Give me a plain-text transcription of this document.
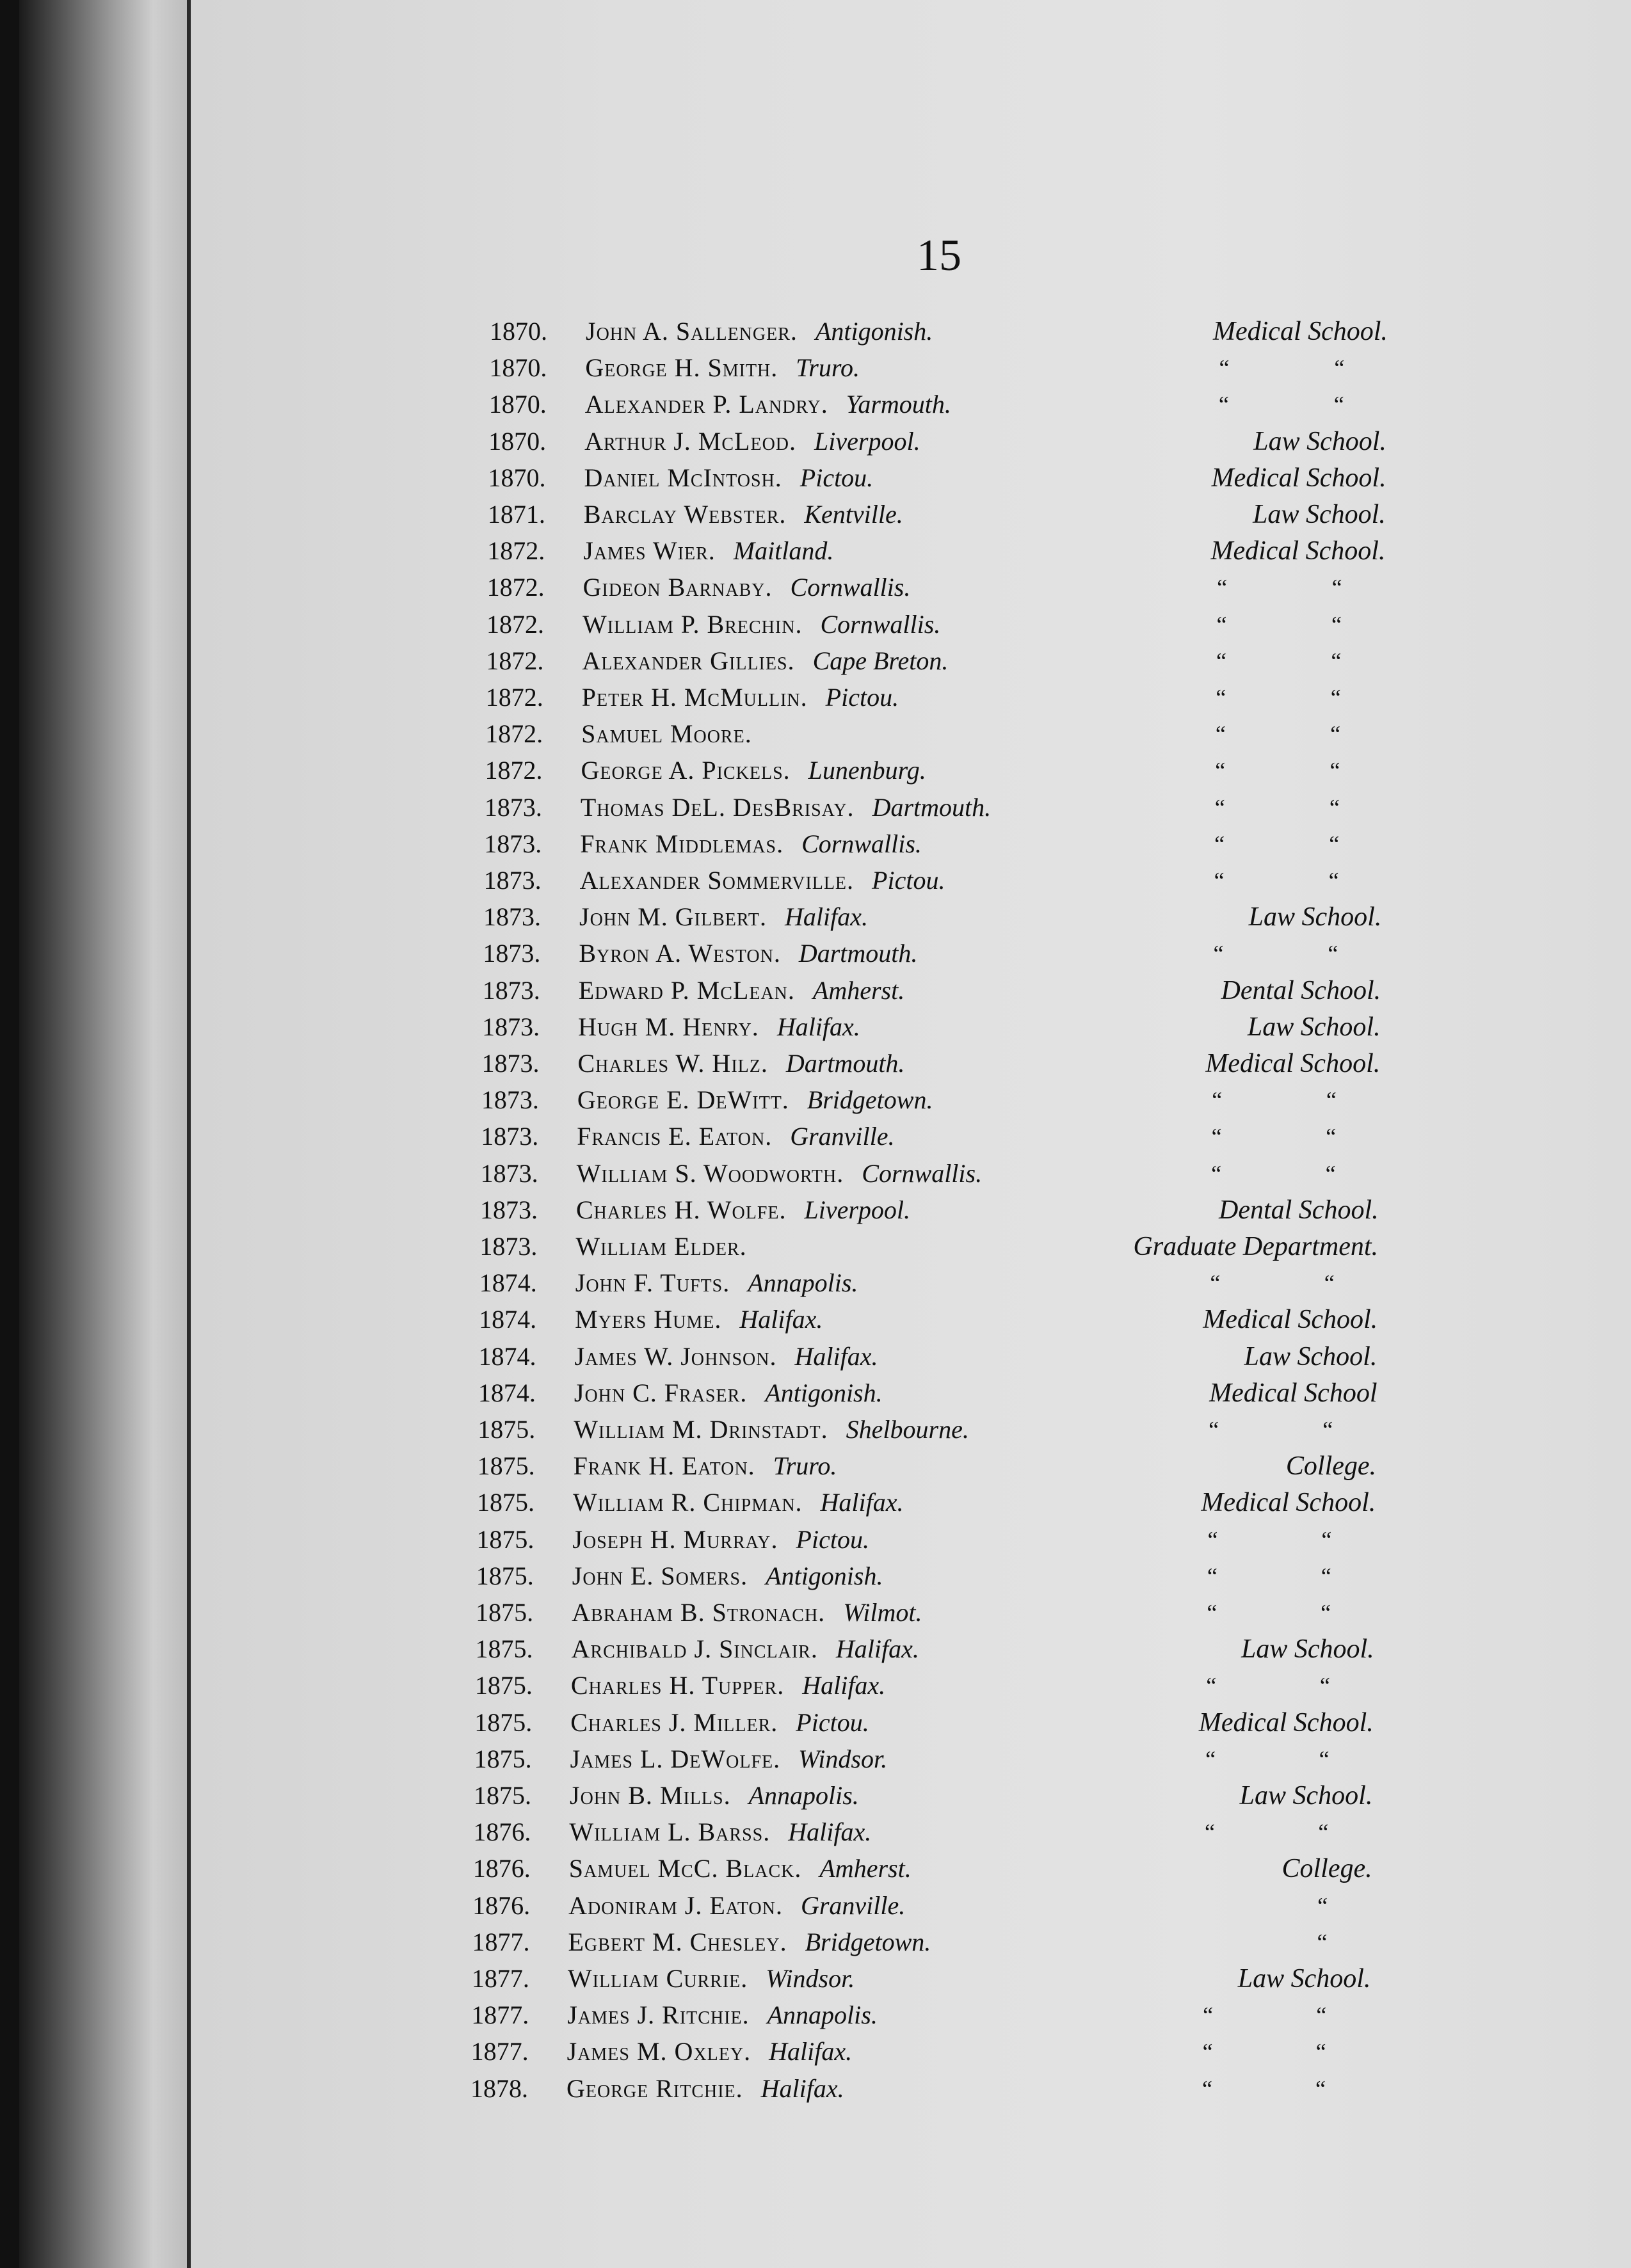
15
1870. John A. Sallenger. Antigonish.	Medical School.
1870. George H. Smith. Truro.	“	“
1870. Alexander P. Landry. Yarmouth.	“	“
1870. Arthur J. McLeod. Liverpool.	Law School.
1870. Daniel McIntosh. Pictou.	Medical School.
1871. Barclay Webster. Kentville.	Law School.
1872. James Wier. Maitland.	Medical School.
1872. Gideon Barnaby. Cornwallis.	“	“
1872. William P. Brechin. Cornwallis.	“	“
1872. Alexander Gillies. Cape Breton.	“	“
1872. Peter H. McMullin. Pictou.	“	“
1872. Samuel Moore.	“	“
1872. George A. Pickels. Lunenburg.	“	“
1873. Thomas DeL. DesBrisay. Dartmouth.	“	“
1873. Frank Middlemas. Cornwallis.	“	“
1873. Alexander Sommerville. Pictou.	“	“
1873. John M. Gilbert. Halifax.	Law School.
1873. Byron A. Weston. Dartmouth.	“	“
1873. Edward P. McLean. Amherst.	Dental School.
1873. Hugh M. Henry. Halifax.	Law School.
1873. Charles W. Hilz. Dartmouth.	Medical School.
1873. George E. DeWitt. Bridgetown.	“	“
1873. Francis E. Eaton. Granville.	“	“
1873. William S. Woodworth. Cornwallis.	“	“
1873. Charles H. Wolfe. Liverpool.	Dental School.
1873. William Elder.	Graduate Department.
1874. John F. Tufts. Annapolis.	“	“
1874. Myers Hume. Halifax.	Medical School.
1874. James W. Johnson. Halifax.	Law School.
1874. John C. Fraser. Antigonish.	Medical School
1875. William M. Drinstadt. Shelbourne.	“	“
1875. Frank H. Eaton. Truro.	College.
1875. William R. Chipman. Halifax.	Medical School.
1875. Joseph H. Murray. Pictou.	“	“
1875. John E. Somers. Antigonish.	“	“
1875. Abraham B. Stronach. Wilmot.	“	“
1875. Archibald J. Sinclair. Halifax.	Law School.
1875. Charles H. Tupper. Halifax.	“	“
1875. Charles J. Miller. Pictou.	Medical School.
1875. James L. DeWolfe. Windsor.	“	“
1875. John B. Mills. Annapolis.	Law School.
1876. William L. Barss. Halifax.	“	“
1876. Samuel McC. Black. Amherst.	College.
1876. Adoniram J. Eaton. Granville.	“
1877. Egbert M. Chesley. Bridgetown.	“
1877. William Currie. Windsor.	Law School.
1877. James J. Ritchie. Annapolis.	“	“
1877. James M. Oxley. Halifax.	“	“
1878. George Ritchie. Halifax.	“	“
